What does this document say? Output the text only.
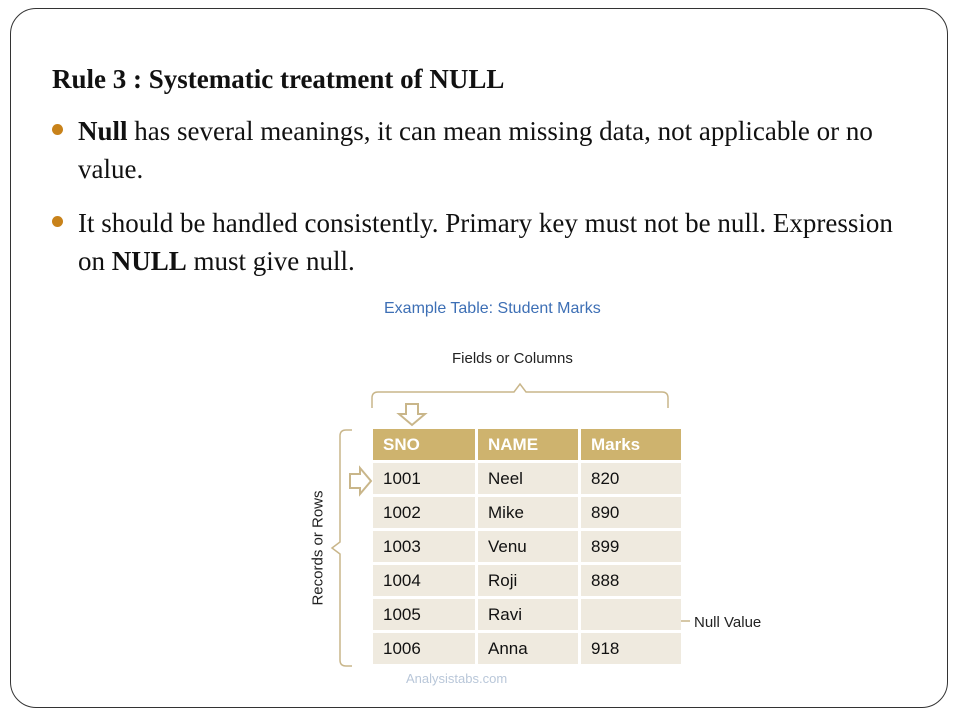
Rule 3 : Systematic treatment of NULL
Null has several meanings, it can mean missing data, not applicable or no value.
It should be handled consistently. Primary key must not be null. Expression on NULL must give null.
Example Table: Student Marks
Fields or Columns
Records or Rows
Null Value
Analysistabs.com
SNO	NAME	Marks
1001	Neel	820
1002	Mike	890
1003	Venu	899
1004	Roji	888
1005	Ravi	
1006	Anna	918
